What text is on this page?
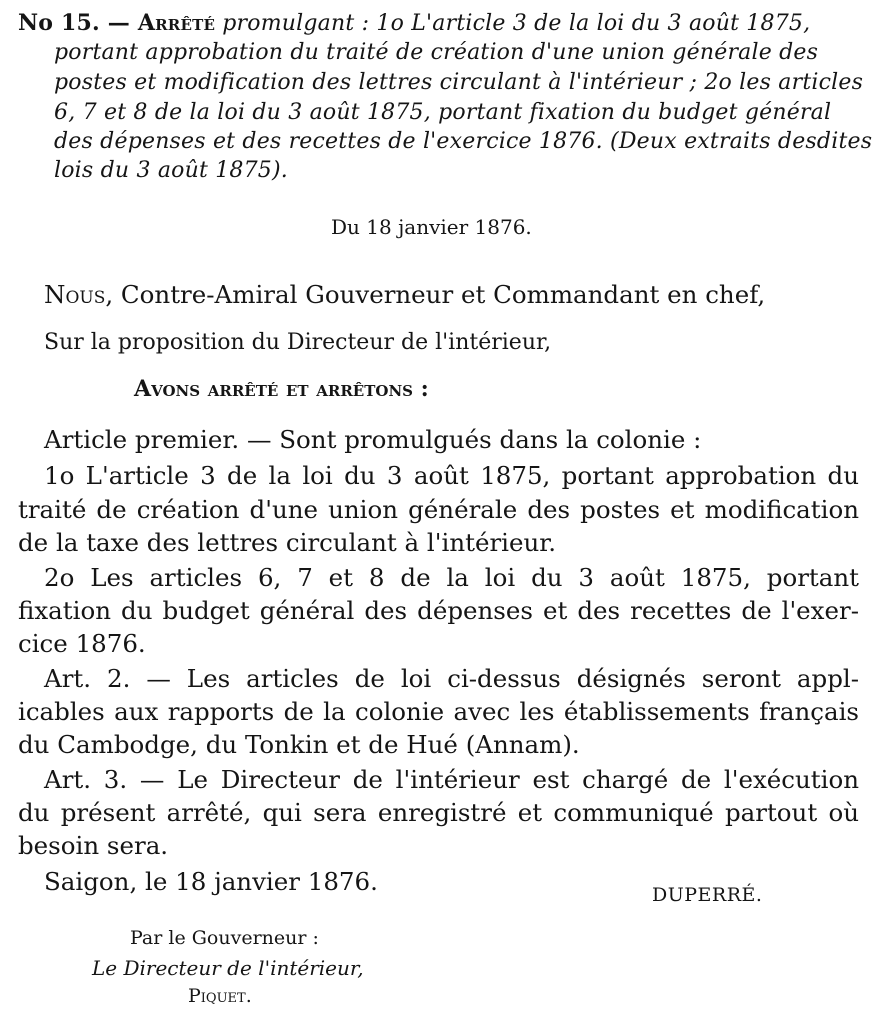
No 15. — Arrêté promulgant : 1o L'article 3 de la loi du 3 août 1875,
portant approbation du traité de création d'une union générale des
postes et modification des lettres circulant à l'intérieur ; 2o les articles
6, 7 et 8 de la loi du 3 août 1875, portant fixation du budget général
des dépenses et des recettes de l'exercice 1876. (Deux extraits desdites
lois du 3 août 1875).
Du 18 janvier 1876.
Nous, Contre-Amiral Gouverneur et Commandant en chef,
Sur la proposition du Directeur de l'intérieur,
Avons arrêté et arrêtons :
Article premier. — Sont promulgués dans la colonie :
1o L'article 3 de la loi du 3 août 1875, portant approbation du
traité de création d'une union générale des postes et modification
de la taxe des lettres circulant à l'intérieur.
2o Les articles 6, 7 et 8 de la loi du 3 août 1875, portant
fixation du budget général des dépenses et des recettes de l'exer-
cice 1876.
Art. 2. — Les articles de loi ci-dessus désignés seront appl-
icables aux rapports de la colonie avec les établissements français
du Cambodge, du Tonkin et de Hué (Annam).
Art. 3. — Le Directeur de l'intérieur est chargé de l'exécution
du présent arrêté, qui sera enregistré et communiqué partout où
besoin sera.
Saigon, le 18 janvier 1876.	DUPERRÉ.
Par le Gouverneur :
Le Directeur de l'intérieur,
Piquet.
